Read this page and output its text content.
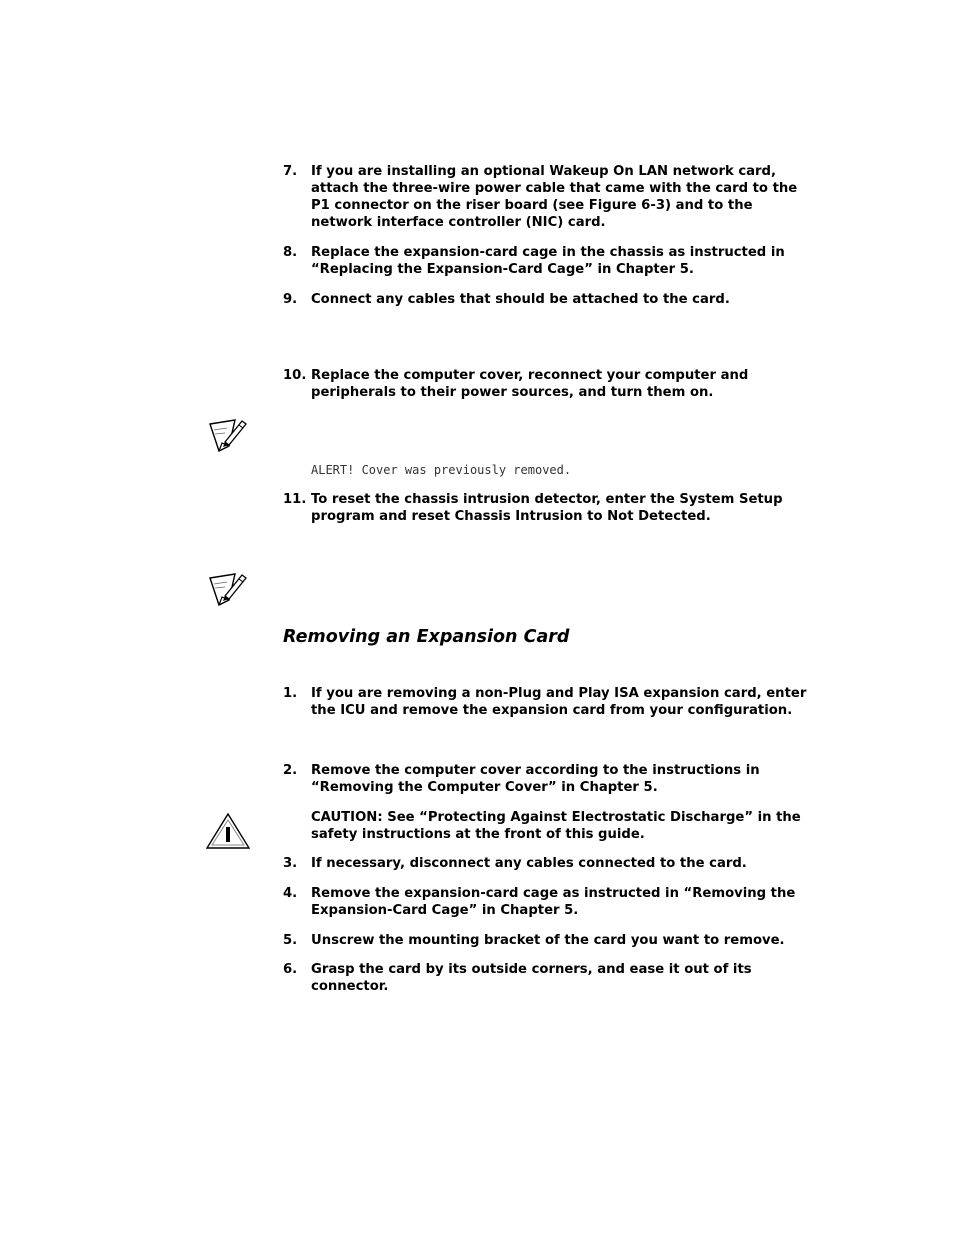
7. If you are installing an optional Wakeup On LAN network card, attach the three-wire power cable that came with the card to the P1 connector on the riser board (see Figure 6-3) and to the network interface controller (NIC) card.
8. Replace the expansion-card cage in the chassis as instructed in “Replacing the Expansion-Card Cage” in Chapter 5.
9. Connect any cables that should be attached to the card.
10. Replace the computer cover, reconnect your computer and peripherals to their power sources, and turn them on.
ALERT! Cover was previously removed.
11. To reset the chassis intrusion detector, enter the System Setup program and reset Chassis Intrusion to Not Detected.
Removing an Expansion Card
1. If you are removing a non-Plug and Play ISA expansion card, enter the ICU and remove the expansion card from your configuration.
2. Remove the computer cover according to the instructions in “Removing the Computer Cover” in Chapter 5.
CAUTION: See “Protecting Against Electrostatic Discharge” in the safety instructions at the front of this guide.
3. If necessary, disconnect any cables connected to the card.
4. Remove the expansion-card cage as instructed in “Removing the Expansion-Card Cage” in Chapter 5.
5. Unscrew the mounting bracket of the card you want to remove.
6. Grasp the card by its outside corners, and ease it out of its connector.
